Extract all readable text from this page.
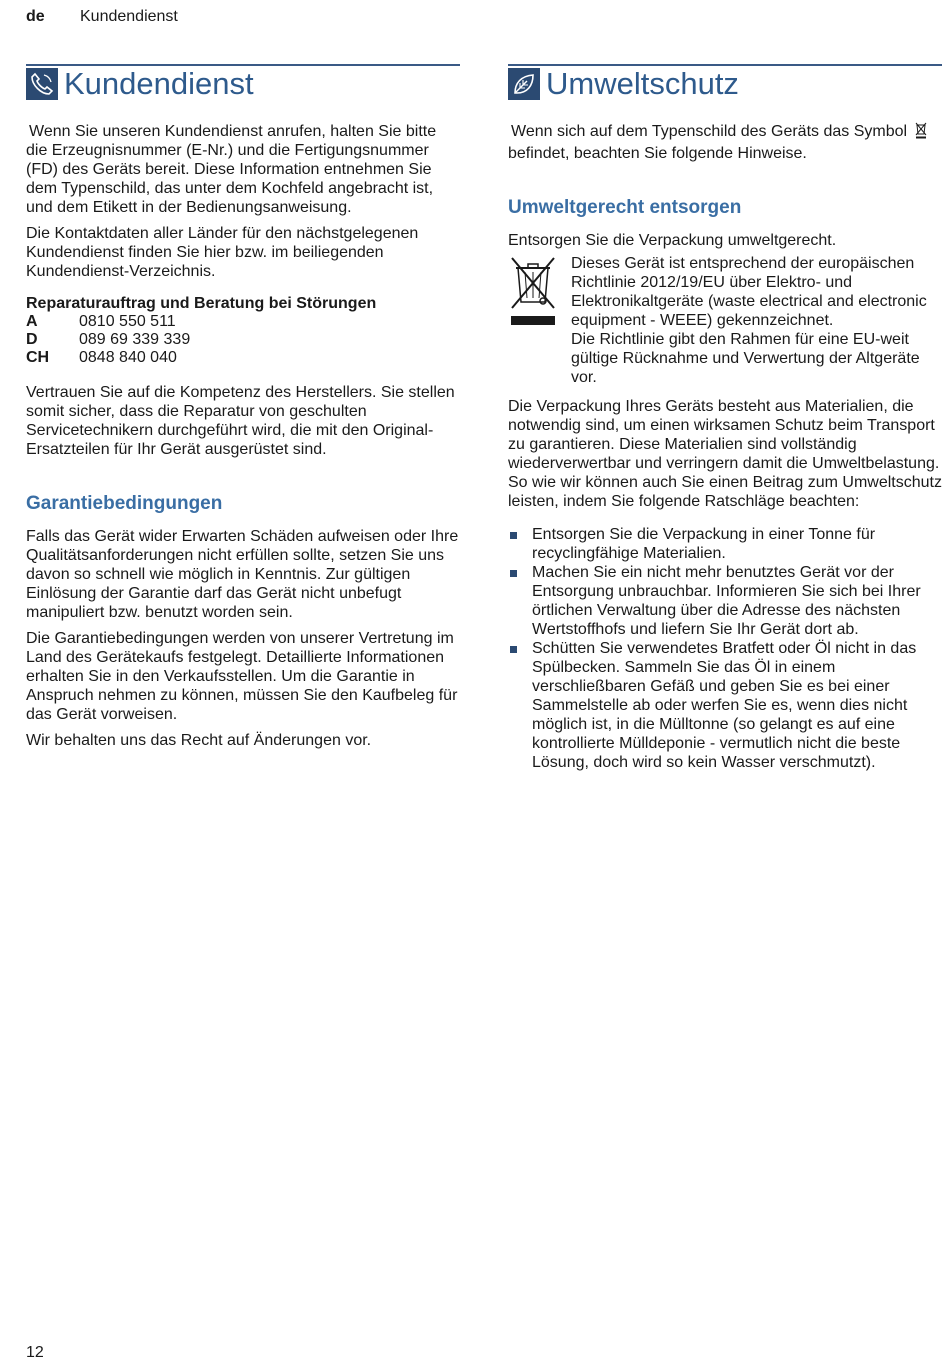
de Kundendienst
Kundendienst

Wenn Sie unseren Kundendienst anrufen, halten Sie bitte die Erzeugnisnummer (E-Nr.) und die Fertigungsnummer (FD) des Geräts bereit. Diese Information entnehmen Sie dem Typenschild, das unter dem Kochfeld angebracht ist, und dem Etikett in der Bedienungsanweisung.

Die Kontaktdaten aller Länder für den nächstgelegenen Kundendienst finden Sie hier bzw. im beiliegenden Kundendienst-Verzeichnis.

Reparaturauftrag und Beratung bei Störungen
A	0810 550 511
D	089 69 339 339
CH	0848 840 040

Vertrauen Sie auf die Kompetenz des Herstellers. Sie stellen somit sicher, dass die Reparatur von geschulten Servicetechnikern durchgeführt wird, die mit den Original-Ersatzteilen für Ihr Gerät ausgerüstet sind.

Garantiebedingungen

Falls das Gerät wider Erwarten Schäden aufweisen oder Ihre Qualitätsanforderungen nicht erfüllen sollte, setzen Sie uns davon so schnell wie möglich in Kenntnis. Zur gültigen Einlösung der Garantie darf das Gerät nicht unbefugt manipuliert bzw. benutzt worden sein.

Die Garantiebedingungen werden von unserer Vertretung im Land des Gerätekaufs festgelegt. Detaillierte Informationen erhalten Sie in den Verkaufsstellen. Um die Garantie in Anspruch nehmen zu können, müssen Sie den Kaufbeleg für das Gerät vorweisen.

Wir behalten uns das Recht auf Änderungen vor.

Umweltschutz

Wenn sich auf dem Typenschild des Geräts das Symbol  befindet, beachten Sie folgende Hinweise.

Umweltgerecht entsorgen

Entsorgen Sie die Verpackung umweltgerecht.

Dieses Gerät ist entsprechend der europäischen Richtlinie 2012/19/EU über Elektro- und Elektronikaltgeräte (waste electrical and electronic equipment - WEEE) gekennzeichnet.

Die Richtlinie gibt den Rahmen für eine EU-weit gültige Rücknahme und Verwertung der Altgeräte vor.

Die Verpackung Ihres Geräts besteht aus Materialien, die notwendig sind, um einen wirksamen Schutz beim Transport zu garantieren. Diese Materialien sind vollständig wiederverwertbar und verringern damit die Umweltbelastung. So wie wir können auch Sie einen Beitrag zum Umweltschutz leisten, indem Sie folgende Ratschläge beachten:

Entsorgen Sie die Verpackung in einer Tonne für recyclingfähige Materialien.
Machen Sie ein nicht mehr benutztes Gerät vor der Entsorgung unbrauchbar. Informieren Sie sich bei Ihrer örtlichen Verwaltung über die Adresse des nächsten Wertstoffhofs und liefern Sie Ihr Gerät dort ab.
Schütten Sie verwendetes Bratfett oder Öl nicht in das Spülbecken. Sammeln Sie das Öl in einem verschließbaren Gefäß und geben Sie es bei einer Sammelstelle ab oder werfen Sie es, wenn dies nicht möglich ist, in die Mülltonne (so gelangt es auf eine kontrollierte Mülldeponie - vermutlich nicht die beste Lösung, doch wird so kein Wasser verschmutzt).
12
